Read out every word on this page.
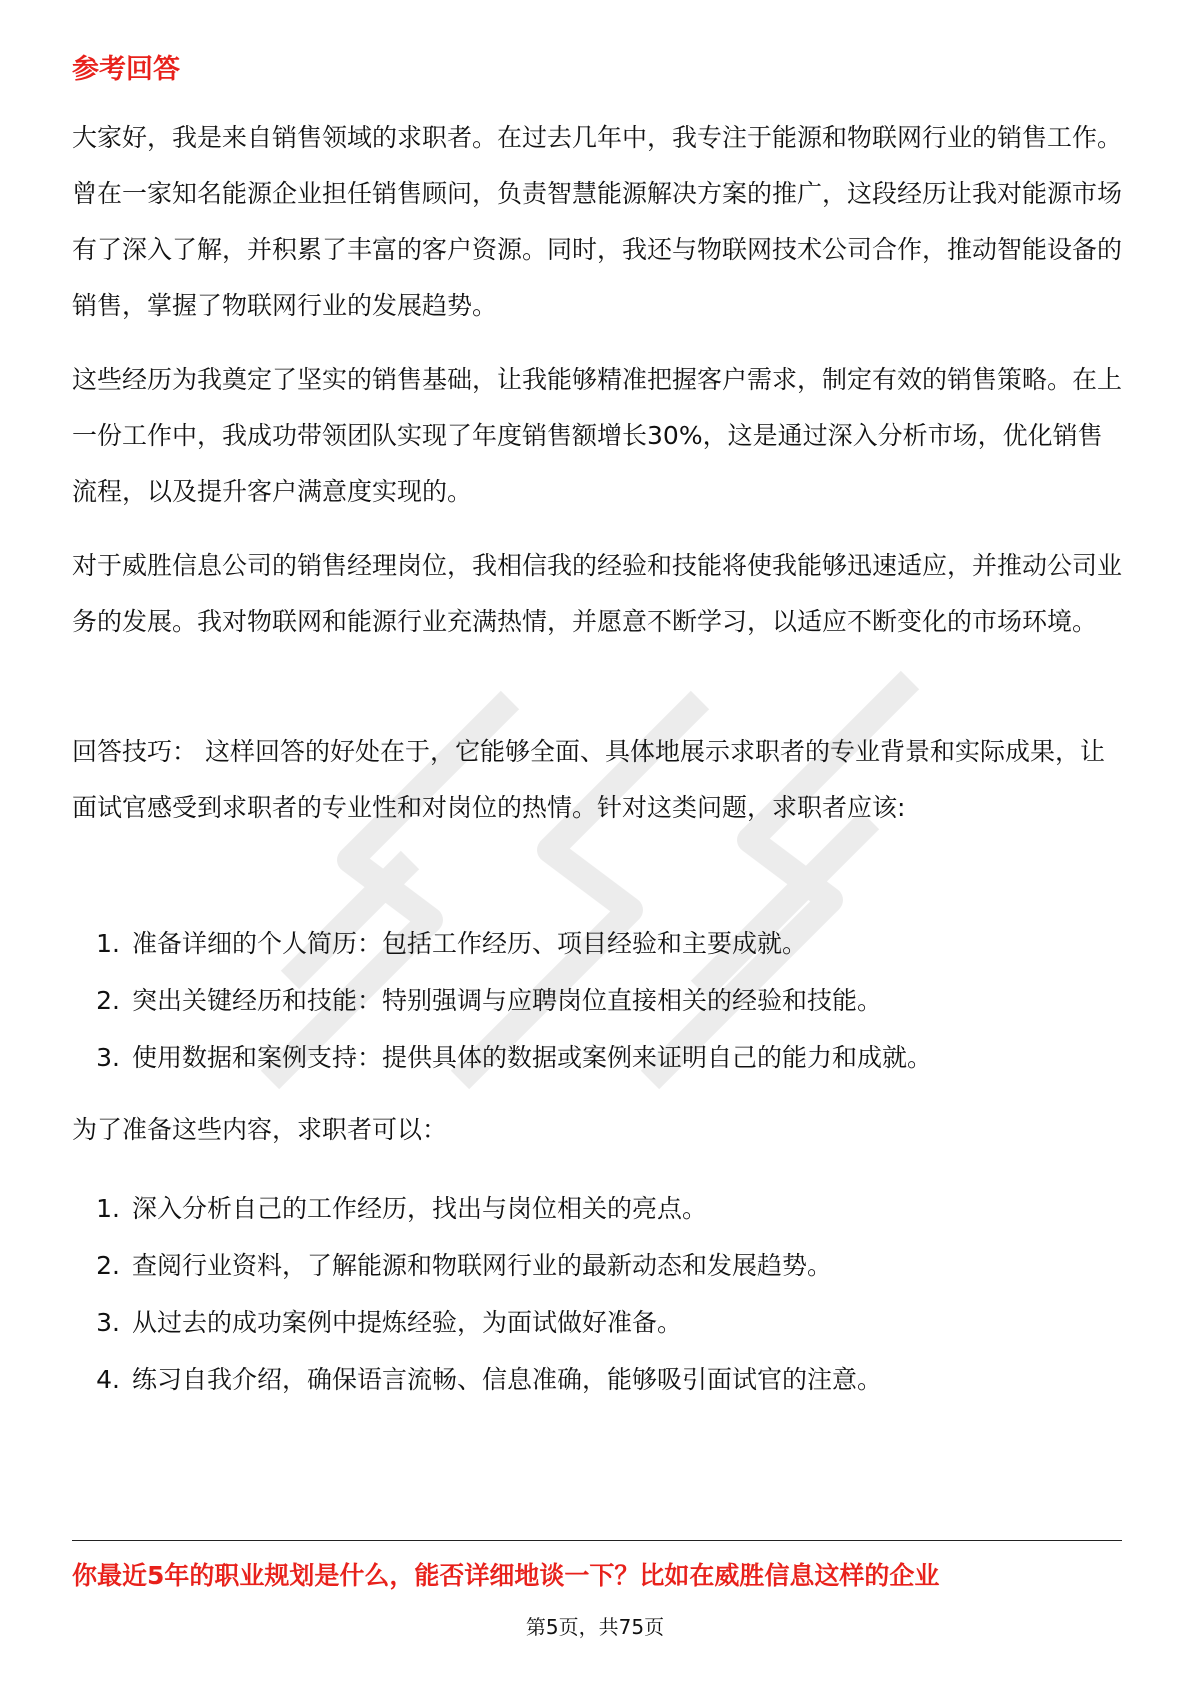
参考回答

大家好，我是来自销售领域的求职者。在过去几年中，我专注于能源和物联网行业的销售工作。曾在一家知名能源企业担任销售顾问，负责智慧能源解决方案的推广，这段经历让我对能源市场有了深入了解，并积累了丰富的客户资源。同时，我还与物联网技术公司合作，推动智能设备的销售，掌握了物联网行业的发展趋势。

这些经历为我奠定了坚实的销售基础，让我能够精准把握客户需求，制定有效的销售策略。在上一份工作中，我成功带领团队实现了年度销售额增长30%，这是通过深入分析市场，优化销售流程，以及提升客户满意度实现的。

对于威胜信息公司的销售经理岗位，我相信我的经验和技能将使我能够迅速适应，并推动公司业务的发展。我对物联网和能源行业充满热情，并愿意不断学习，以适应不断变化的市场环境。

回答技巧： 这样回答的好处在于，它能够全面、具体地展示求职者的专业背景和实际成果，让面试官感受到求职者的专业性和对岗位的热情。针对这类问题，求职者应该:

1. 准备详细的个人简历：包括工作经历、项目经验和主要成就。
2. 突出关键经历和技能：特别强调与应聘岗位直接相关的经验和技能。
3. 使用数据和案例支持：提供具体的数据或案例来证明自己的能力和成就。

为了准备这些内容，求职者可以：

1. 深入分析自己的工作经历，找出与岗位相关的亮点。
2. 查阅行业资料，了解能源和物联网行业的最新动态和发展趋势。
3. 从过去的成功案例中提炼经验，为面试做好准备。
4. 练习自我介绍，确保语言流畅、信息准确，能够吸引面试官的注意。
你最近5年的职业规划是什么，能否详细地谈一下？比如在威胜信息这样的企业
第5页，共75页
